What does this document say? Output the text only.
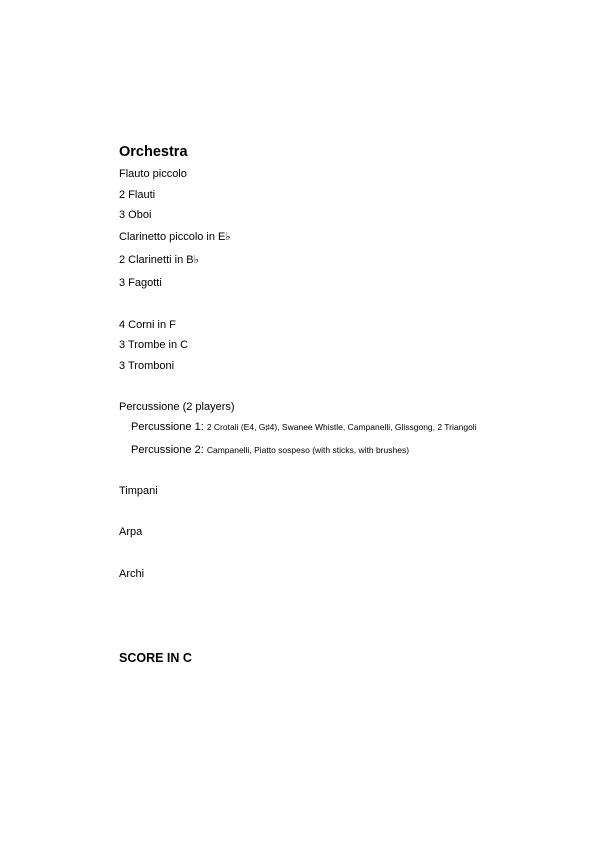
Orchestra
Flauto piccolo
2 Flauti
3 Oboi
Clarinetto piccolo in E♭
2 Clarinetti in B♭
3 Fagotti
4 Corni in F
3 Trombe in C
3 Tromboni
Percussione (2 players)
Percussione 1: 2 Crotali (E4, G♯4), Swanee Whistle, Campanelli, Glissgong, 2 Triangoli
Percussione 2: Campanelli, Piatto sospeso (with sticks, with brushes)
Timpani
Arpa
Archi
SCORE IN C
